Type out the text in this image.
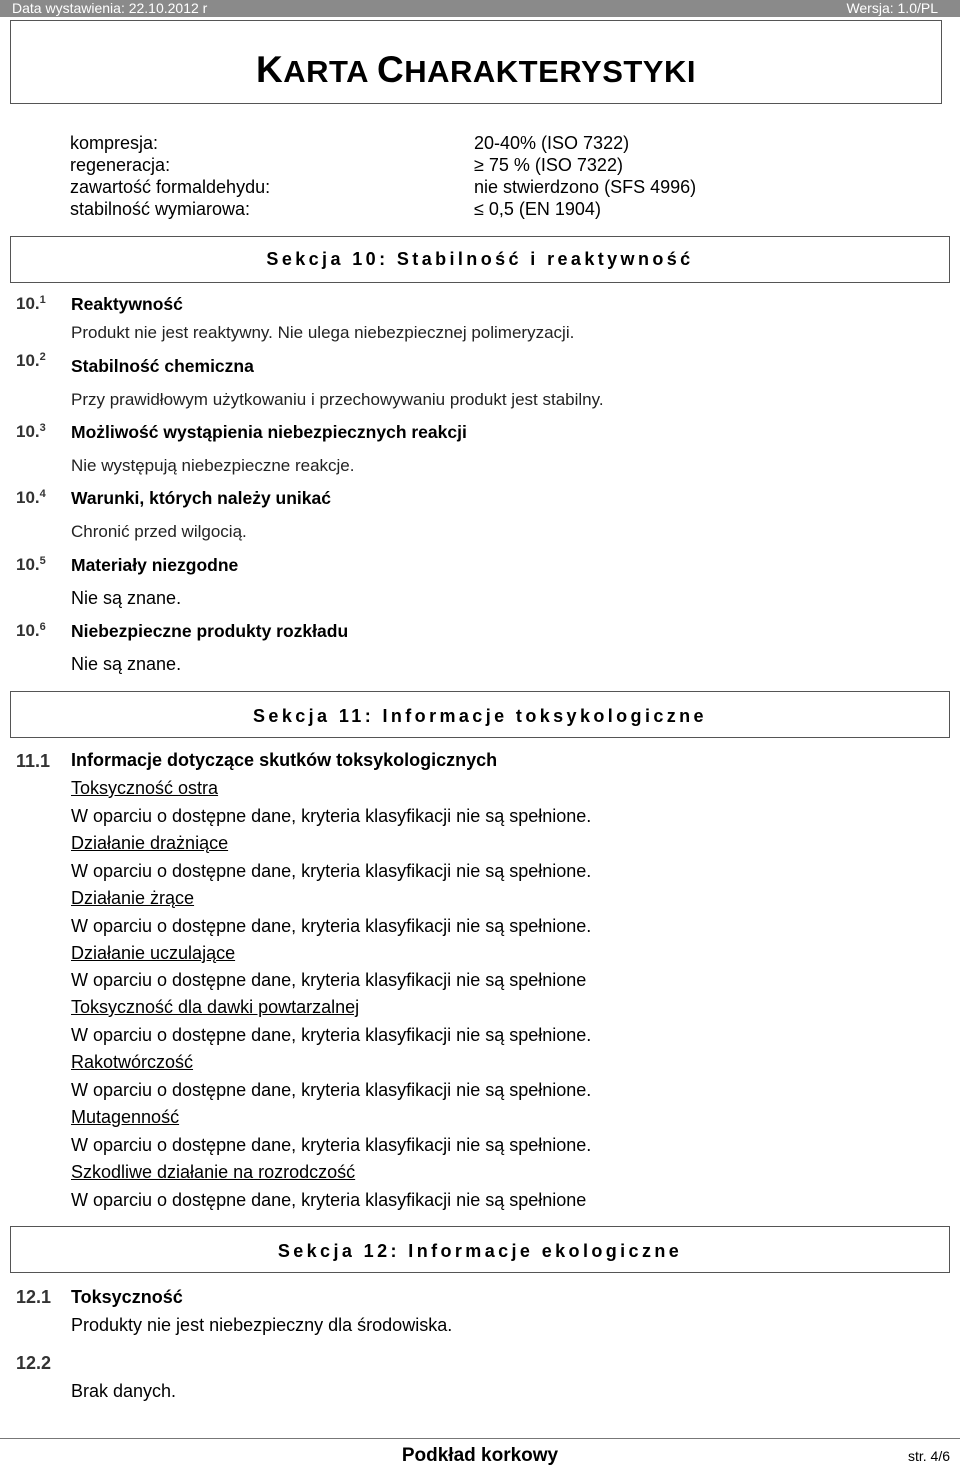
Data wystawienia: 22.10.2012 r	Wersja: 1.0/PL
KARTA CHARAKTERYSTYKI
kompresja:	20-40% (ISO 7322)
regeneracja:	≥ 75 % (ISO 7322)
zawartość formaldehydu:	nie stwierdzono (SFS 4996)
stabilność wymiarowa:	≤ 0,5 (EN 1904)
Sekcja 10: Stabilność i reaktywność
10.$^1$ Reaktywność
Produkt nie jest reaktywny. Nie ulega niebezpiecznej polimeryzacji.
10.$^2$ Stabilność chemiczna
Przy prawidłowym użytkowaniu i przechowywaniu produkt jest stabilny.
10.$^3$ Możliwość wystąpienia niebezpiecznych reakcji
Nie występują niebezpieczne reakcje.
10.$^4$ Warunki, których należy unikać
Chronić przed wilgocią.
10.$^5$ Materiały niezgodne
Nie są znane.
10.$^6$ Niebezpieczne produkty rozkładu
Nie są znane.
Sekcja 11: Informacje toksykologiczne
11.1 Informacje dotyczące skutków toksykologicznych
Toksyczność ostra
W oparciu o dostępne dane, kryteria klasyfikacji nie są spełnione.
Działanie drażniące
W oparciu o dostępne dane, kryteria klasyfikacji nie są spełnione.
Działanie żrące
W oparciu o dostępne dane, kryteria klasyfikacji nie są spełnione.
Działanie uczulające
W oparciu o dostępne dane, kryteria klasyfikacji nie są spełnione
Toksyczność dla dawki powtarzalnej
W oparciu o dostępne dane, kryteria klasyfikacji nie są spełnione.
Rakotwórczość
W oparciu o dostępne dane, kryteria klasyfikacji nie są spełnione.
Mutagenność
W oparciu o dostępne dane, kryteria klasyfikacji nie są spełnione.
Szkodliwe działanie na rozrodczość
W oparciu o dostępne dane, kryteria klasyfikacji nie są spełnione
Sekcja 12: Informacje ekologiczne
12.1 Toksyczność
Produkty nie jest niebezpieczny dla środowiska.
12.2
Brak danych.
Podkład korkowy	str. 4/6
